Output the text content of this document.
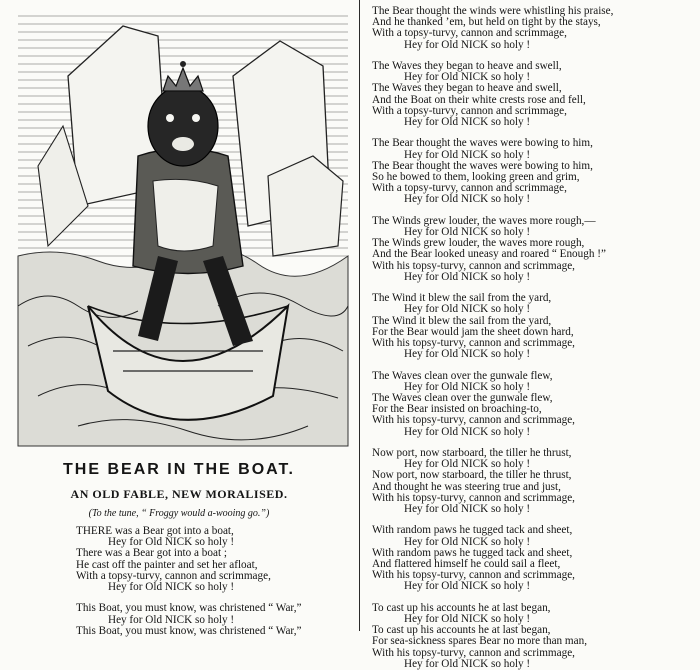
THE BEAR IN THE BOAT.
AN OLD FABLE, NEW MORALISED.

(To the tune, “ Froggy would a-wooing go.”)

THERE was a Bear got into a boat,

Hey for Old NICK so holy !

There was a Bear got into a boat ;

He cast off the painter and set her afloat,

With a topsy-turvy, cannon and scrimmage,

Hey for Old NICK so holy !

This Boat, you must know, was christened “ War,”

Hey for Old NICK so holy !

This Boat, you must know, was christened “ War,”

The Bear thought the winds were whistling his praise,

And he thanked ’em, but held on tight by the stays,

With a topsy-turvy, cannon and scrimmage,

Hey for Old NICK so holy !

The Waves they began to heave and swell,

Hey for Old NICK so holy !

The Waves they began to heave and swell,

And the Boat on their white crests rose and fell,

With a topsy-turvy, cannon and scrimmage,

Hey for Old NICK so holy !

The Bear thought the waves were bowing to him,

Hey for Old NICK so holy !

The Bear thought the waves were bowing to him,

So he bowed to them, looking green and grim,

With a topsy-turvy, cannon and scrimmage,

Hey for Old NICK so holy !

The Winds grew louder, the waves more rough,—

Hey for Old NICK so holy !

The Winds grew louder, the waves more rough,

And the Bear looked uneasy and roared “ Enough !”

With his topsy-turvy, cannon and scrimmage,

Hey for Old NICK so holy !

The Wind it blew the sail from the yard,

Hey for Old NICK so holy !

The Wind it blew the sail from the yard,

For the Bear would jam the sheet down hard,

With his topsy-turvy, cannon and scrimmage,

Hey for Old NICK so holy !

The Waves clean over the gunwale flew,

Hey for Old NICK so holy !

The Waves clean over the gunwale flew,

For the Bear insisted on broaching-to,

With his topsy-turvy, cannon and scrimmage,

Hey for Old NICK so holy !

Now port, now starboard, the tiller he thrust,

Hey for Old NICK so holy !

Now port, now starboard, the tiller he thrust,

And thought he was steering true and just,

With his topsy-turvy, cannon and scrimmage,

Hey for Old NICK so holy !

With random paws he tugged tack and sheet,

Hey for Old NICK so holy !

With random paws he tugged tack and sheet,

And flattered himself he could sail a fleet,

With his topsy-turvy, cannon and scrimmage,

Hey for Old NICK so holy !

To cast up his accounts he at last began,

Hey for Old NICK so holy !

To cast up his accounts he at last began,

For sea-sickness spares Bear no more than man,

With his topsy-turvy, cannon and scrimmage,

Hey for Old NICK so holy !
